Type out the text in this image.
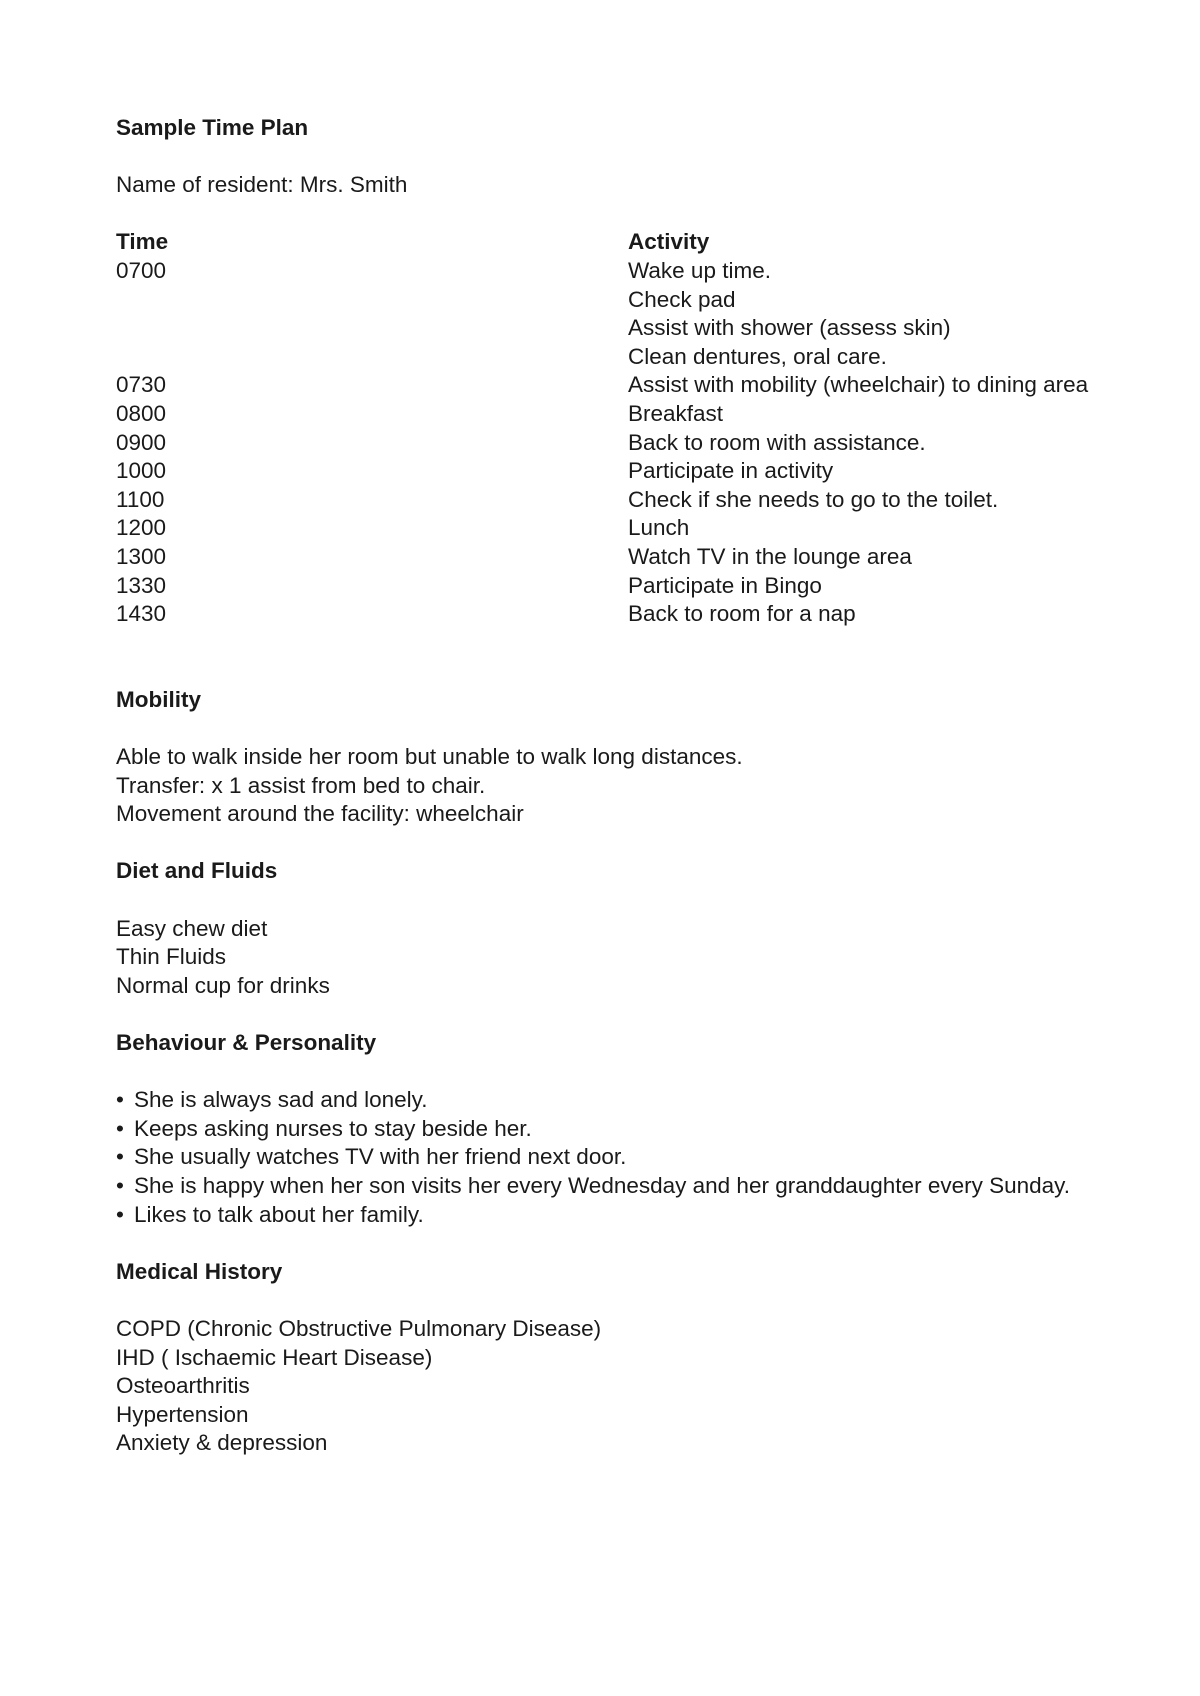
Sample Time Plan

Name of resident: Mrs. Smith

Time	Activity
0700	Wake up time.
Check pad
Assist with shower (assess skin)
Clean dentures, oral care.
0730	Assist with mobility (wheelchair) to dining area
0800	Breakfast
0900	Back to room with assistance.
1000	Participate in activity
1100	Check if she needs to go to the toilet.
1200	Lunch
1300	Watch TV in the lounge area
1330	Participate in Bingo
1430	Back to room for a nap

Mobility

Able to walk inside her room but unable to walk long distances.

Transfer: x 1 assist from bed to chair.

Movement around the facility: wheelchair

Diet and Fluids

Easy chew diet

Thin Fluids

Normal cup for drinks

Behaviour & Personality

• She is always sad and lonely.
• Keeps asking nurses to stay beside her.
• She usually watches TV with her friend next door.
• She is happy when her son visits her every Wednesday and her granddaughter every Sunday.
• Likes to talk about her family.

Medical History

COPD (Chronic Obstructive Pulmonary Disease)

IHD ( Ischaemic Heart Disease)

Osteoarthritis

Hypertension

Anxiety & depression
